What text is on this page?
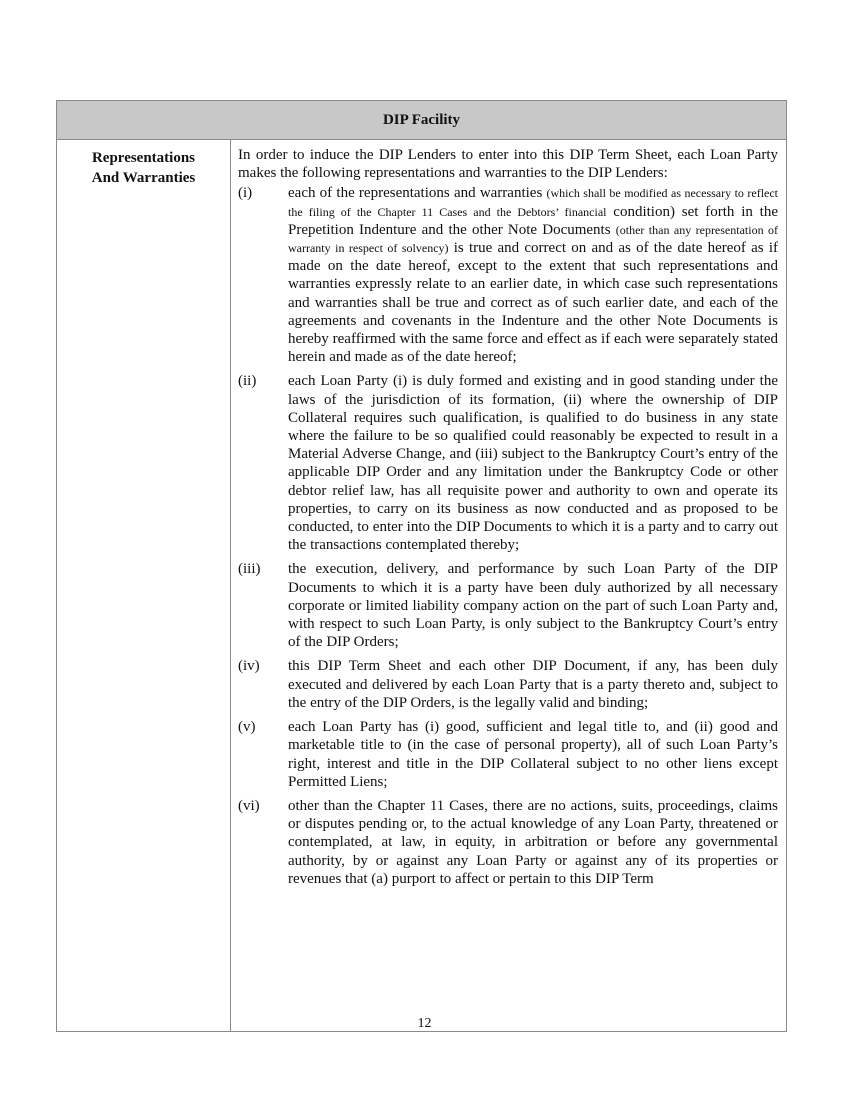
DIP Facility

Representations
And Warranties

In order to induce the DIP Lenders to enter into this DIP Term Sheet, each Loan Party makes the following representations and warranties to the DIP Lenders:

(i)	each of the representations and warranties (which shall be modified as necessary to reflect the filing of the Chapter 11 Cases and the Debtors’ financial condition) set forth in the Prepetition Indenture and the other Note Documents (other than any representation of warranty in respect of solvency) is true and correct on and as of the date hereof as if made on the date hereof, except to the extent that such representations and warranties expressly relate to an earlier date, in which case such representations and warranties shall be true and correct as of such earlier date, and each of the agreements and covenants in the Indenture and the other Note Documents is hereby reaffirmed with the same force and effect as if each were separately stated herein and made as of the date hereof;
(ii)	each Loan Party (i) is duly formed and existing and in good standing under the laws of the jurisdiction of its formation, (ii) where the ownership of DIP Collateral requires such qualification, is qualified to do business in any state where the failure to be so qualified could reasonably be expected to result in a Material Adverse Change, and (iii) subject to the Bankruptcy Court’s entry of the applicable DIP Order and any limitation under the Bankruptcy Code or other debtor relief law, has all requisite power and authority to own and operate its properties, to carry on its business as now conducted and as proposed to be conducted, to enter into the DIP Documents to which it is a party and to carry out the transactions contemplated thereby;
(iii)	the execution, delivery, and performance by such Loan Party of the DIP Documents to which it is a party have been duly authorized by all necessary corporate or limited liability company action on the part of such Loan Party and, with respect to such Loan Party, is only subject to the Bankruptcy Court’s entry of the DIP Orders;
(iv)	this DIP Term Sheet and each other DIP Document, if any, has been duly executed and delivered by each Loan Party that is a party thereto and, subject to the entry of the DIP Orders, is the legally valid and binding;
(v)	each Loan Party has (i) good, sufficient and legal title to, and (ii) good and marketable title to (in the case of personal property), all of such Loan Party’s right, interest and title in the DIP Collateral subject to no other liens except Permitted Liens;
(vi)	other than the Chapter 11 Cases, there are no actions, suits, proceedings, claims or disputes pending or, to the actual knowledge of any Loan Party, threatened or contemplated, at law, in equity, in arbitration or before any governmental authority, by or against any Loan Party or against any of its properties or revenues that (a) purport to affect or pertain to this DIP Term
12
